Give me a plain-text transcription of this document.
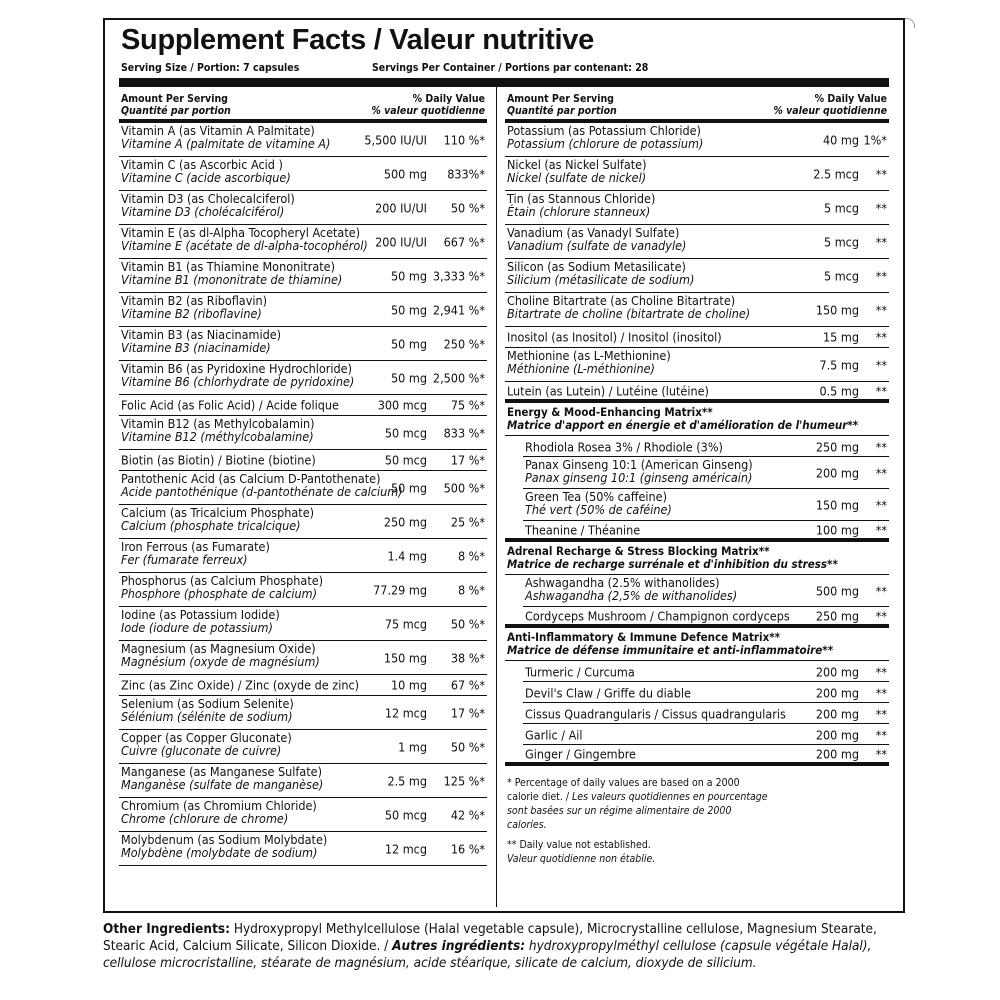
Supplement Facts / Valeur nutritive
Serving Size / Portion: 7 capsules	Servings Per Container / Portions par contenant: 28
Amount Per Serving
Quantité par portion
% Daily Value
% valeur quotidienne
Vitamin A (as Vitamin A Palmitate)
Vitamine A (palmitate de vitamine A)	5,500 IU/UI 110 %*
Vitamin C (as Ascorbic Acid )
Vitamine C (acide ascorbique)	500 mg 833%*
Vitamin D3 (as Cholecalciferol)
Vitamine D3 (cholécalciférol)	200 IU/UI 50 %*
Vitamin E (as dl-Alpha Tocopheryl Acetate)
Vitamine E (acétate de dl-alpha-tocophérol) 200 IU/UI 667 %*
Vitamin B1 (as Thiamine Mononitrate)
Vitamine B1 (mononitrate de thiamine)	50 mg 3,333 %*
Vitamin B2 (as Riboflavin)
Vitamine B2 (riboflavine)	50 mg 2,941 %*
Vitamin B3 (as Niacinamide)
Vitamine B3 (niacinamide)	50 mg 250 %*
Vitamin B6 (as Pyridoxine Hydrochloride)
Vitamine B6 (chlorhydrate de pyridoxine)	50 mg 2,500 %*
Folic Acid (as Folic Acid) / Acide folique	300 mcg 75 %*
Vitamin B12 (as Methylcobalamin)
Vitamine B12 (méthylcobalamine)	50 mcg 833 %*
Biotin (as Biotin) / Biotine (biotine)	50 mcg 17 %*
Pantothenic Acid (as Calcium D-Pantothenate)
Acide pantothénique (d-pantothénate de calcium)
50 mg 500 %*
Calcium (as Tricalcium Phosphate)
Calcium (phosphate tricalcique)	250 mg 25 %*
Iron Ferrous (as Fumarate)
Fer (fumarate ferreux)	1.4 mg 8 %*
Phosphorus (as Calcium Phosphate)
Phosphore (phosphate de calcium)	77.29 mg 8 %*
Iodine (as Potassium Iodide)
Iode (iodure de potassium)	75 mcg 50 %*
Magnesium (as Magnesium Oxide)
Magnésium (oxyde de magnésium)	150 mg 38 %*
Zinc (as Zinc Oxide) / Zinc (oxyde de zinc)	10 mg 67 %*
Selenium (as Sodium Selenite)
Sélénium (sélénite de sodium)	12 mcg 17 %*
Copper (as Copper Gluconate)
Cuivre (gluconate de cuivre)	1 mg 50 %*
Manganese (as Manganese Sulfate)
Manganèse (sulfate de manganèse)	2.5 mg 125 %*
Chromium (as Chromium Chloride)
Chrome (chlorure de chrome)	50 mcg 42 %*
Molybdenum (as Sodium Molybdate)
Molybdène (molybdate de sodium)	12 mcg 16 %*
Amount Per Serving
Quantité par portion
% Daily Value
% valeur quotidienne
Potassium (as Potassium Chloride)
Potassium (chlorure de potassium)	40 mg 1%*
Nickel (as Nickel Sulfate)
Nickel (sulfate de nickel)	2.5 mcg **
Tin (as Stannous Chloride)
Étain (chlorure stanneux)	5 mcg **
Vanadium (as Vanadyl Sulfate)
Vanadium (sulfate de vanadyle)	5 mcg **
Silicon (as Sodium Metasilicate)
Silicium (métasilicate de sodium)	5 mcg **
Choline Bitartrate (as Choline Bitartrate)
Bitartrate de choline (bitartrate de choline)	150 mg **
Inositol (as Inositol) / Inositol (inositol)	15 mg **
Methionine (as L-Methionine)
Méthionine (L-méthionine)	7.5 mg **
Lutein (as Lutein) / Lutéine (lutéine)	0.5 mg **
Energy & Mood-Enhancing Matrix**
Matrice d'apport en énergie et d'amélioration de l'humeur**
Rhodiola Rosea 3% / Rhodiole (3%)	250 mg **
Panax Ginseng 10:1 (American Ginseng)
Panax ginseng 10:1 (ginseng américain)	200 mg **
Green Tea (50% caffeine)
Thé vert (50% de caféine)	150 mg **
Theanine / Théanine	100 mg **
Adrenal Recharge & Stress Blocking Matrix**
Matrice de recharge surrénale et d'inhibition du stress**
Ashwagandha (2.5% withanolides)
Ashwagandha (2,5% de withanolides)	500 mg **
Cordyceps Mushroom / Champignon cordyceps 250 mg **
Anti-Inflammatory & Immune Defence Matrix**
Matrice de défense immunitaire et anti-inflammatoire**
Turmeric / Curcuma	200 mg **
Devil's Claw / Griffe du diable	200 mg **
Cissus Quadrangularis / Cissus quadrangularis 200 mg **
Garlic / Ail	200 mg **
Ginger / Gingembre	200 mg **

* Percentage of daily values are based on a 2000 calorie diet. / Les valeurs quotidiennes en pourcentage sont basées sur un régime alimentaire de 2000 calories.

** Daily value not established.
Valeur quotidienne non établie.

Other Ingredients: Hydroxypropyl Methylcellulose (Halal vegetable capsule), Microcrystalline cellulose, Magnesium Stearate, Stearic Acid, Calcium Silicate, Silicon Dioxide. / Autres ingrédients: hydroxypropylméthyl cellulose (capsule végétale Halal), cellulose microcristalline, stéarate de magnésium, acide stéarique, silicate de calcium, dioxyde de silicium.
